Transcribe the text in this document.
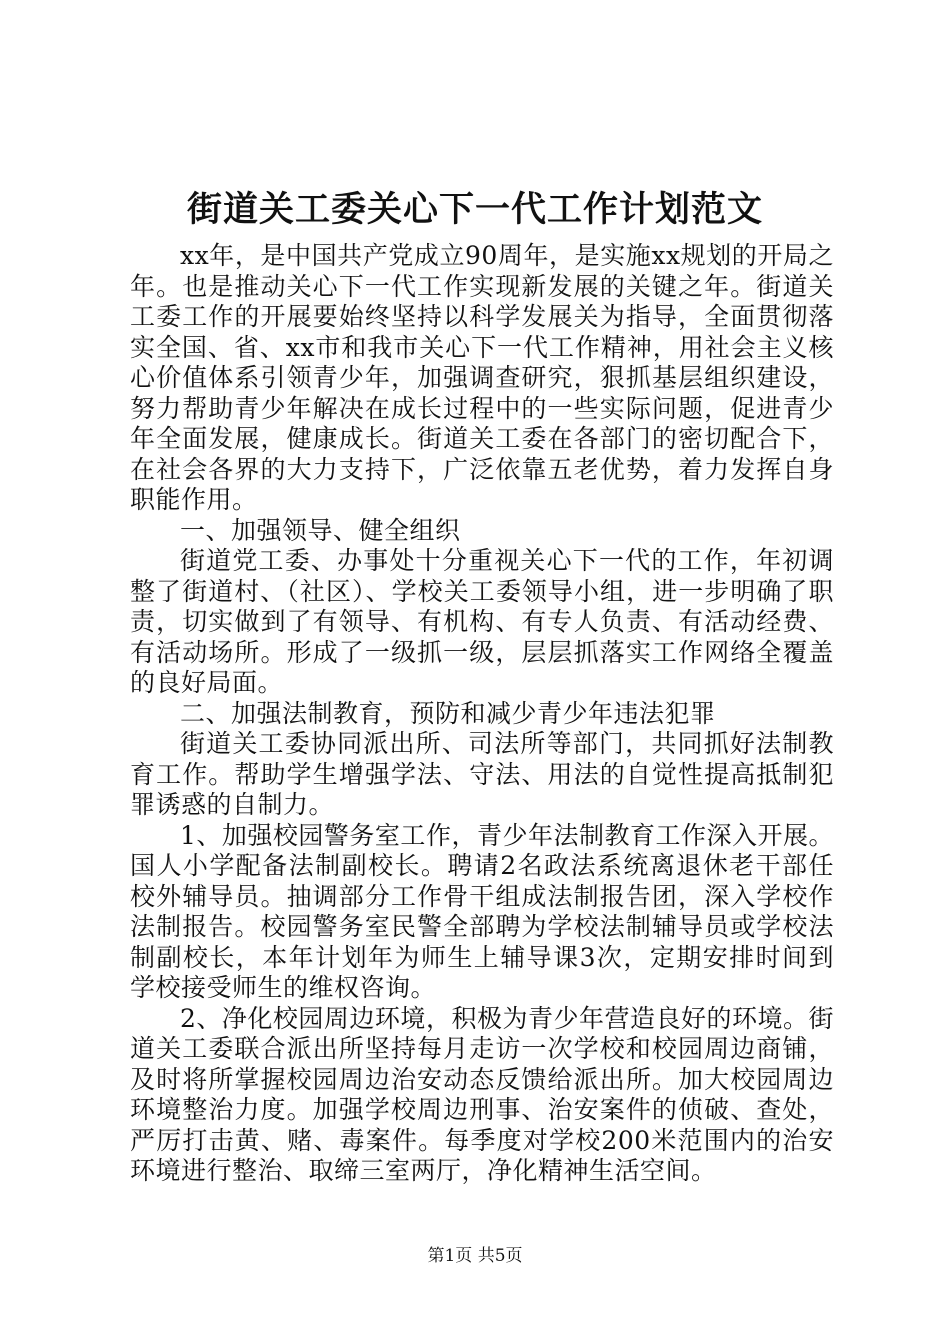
街道关工委关心下一代工作计划范文

xx年，是中国共产党成立90周年，是实施xx规划的开局之年。也是推动关心下一代工作实现新发展的关键之年。街道关工委工作的开展要始终坚持以科学发展关为指导，全面贯彻落实全国、省、xx市和我市关心下一代工作精神，用社会主义核心价值体系引领青少年，加强调查研究，狠抓基层组织建设，努力帮助青少年解决在成长过程中的一些实际问题，促进青少年全面发展，健康成长。街道关工委在各部门的密切配合下，在社会各界的大力支持下，广泛依靠五老优势，着力发挥自身职能作用。

一、加强领导、健全组织

街道党工委、办事处十分重视关心下一代的工作，年初调整了街道村、（社区）、学校关工委领导小组，进一步明确了职责，切实做到了有领导、有机构、有专人负责、有活动经费、有活动场所。形成了一级抓一级，层层抓落实工作网络全覆盖的良好局面。

二、加强法制教育，预防和减少青少年违法犯罪

街道关工委协同派出所、司法所等部门，共同抓好法制教育工作。帮助学生增强学法、守法、用法的自觉性提高抵制犯罪诱惑的自制力。

1、加强校园警务室工作，青少年法制教育工作深入开展。国人小学配备法制副校长。聘请2名政法系统离退休老干部任校外辅导员。抽调部分工作骨干组成法制报告团，深入学校作法制报告。校园警务室民警全部聘为学校法制辅导员或学校法制副校长，本年计划年为师生上辅导课3次，定期安排时间到学校接受师生的维权咨询。

2、净化校园周边环境，积极为青少年营造良好的环境。街道关工委联合派出所坚持每月走访一次学校和校园周边商铺，及时将所掌握校园周边治安动态反馈给派出所。加大校园周边环境整治力度。加强学校周边刑事、治安案件的侦破、查处，严厉打击黄、赌、毒案件。每季度对学校200米范围内的治安环境进行整治、取缔三室两厅，净化精神生活空间。

第1页 共5页
